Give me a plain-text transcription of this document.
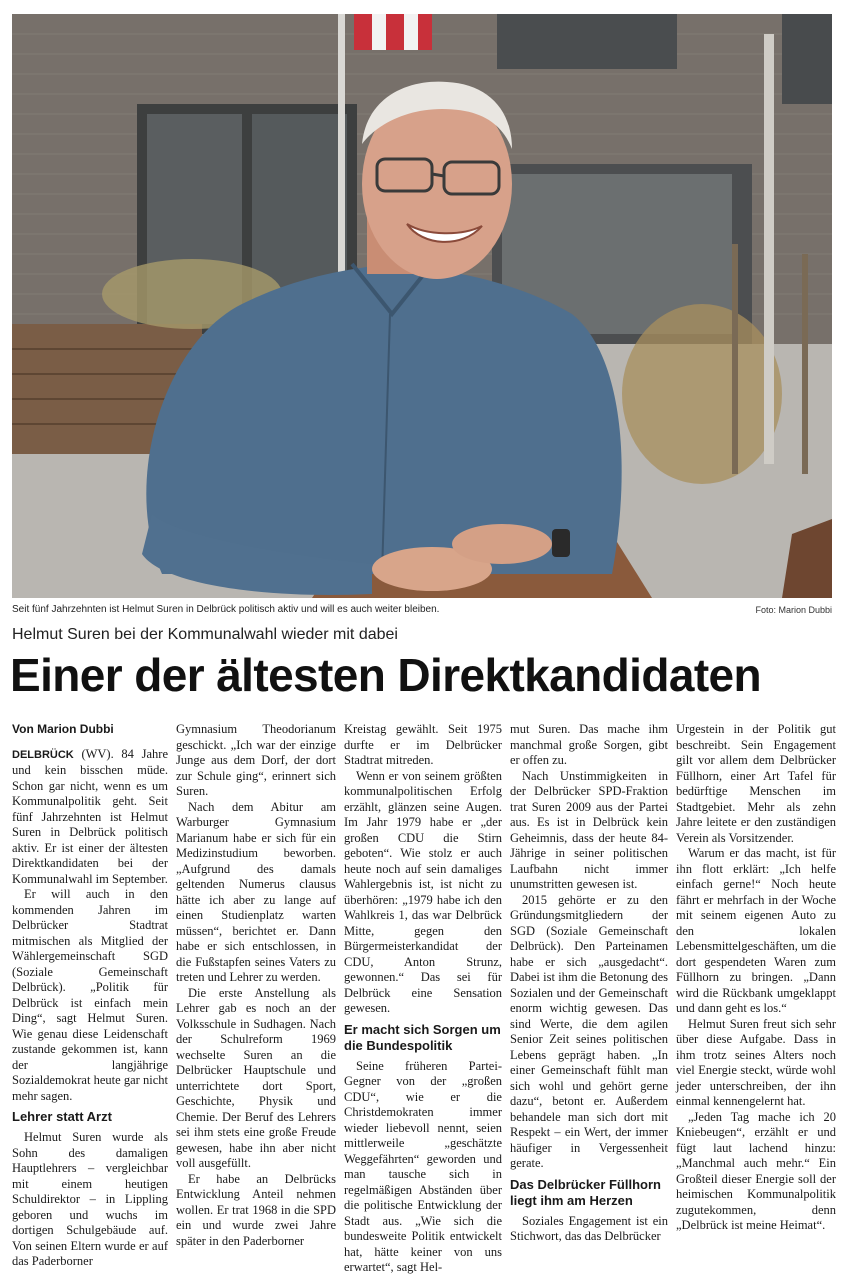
Seit fünf Jahrzehnten ist Helmut Suren in Delbrück politisch aktiv und will es auch weiter bleiben.	Foto: Marion Dubbi
Helmut Suren bei der Kommunalwahl wieder mit dabei
Einer der ältesten Direktkandidaten

Von Marion Dubbi

DELBRÜCK (WV). 84 Jahre und kein bisschen müde. Schon gar nicht, wenn es um Kommunalpolitik geht. Seit fünf Jahrzehnten ist Helmut Suren in Delbrück politisch aktiv. Er ist einer der ältesten Direktkandidaten bei der Kommunalwahl im September.

Er will auch in den kommenden Jahren im Delbrücker Stadtrat mitmischen als Mitglied der Wählergemeinschaft SGD (Soziale Gemeinschaft Delbrück). „Politik für Delbrück ist einfach mein Ding“, sagt Helmut Suren. Wie genau diese Leidenschaft zustande gekommen ist, kann der langjährige Sozialdemokrat heute gar nicht mehr sagen.

Lehrer statt Arzt

Helmut Suren wurde als Sohn des damaligen Hauptlehrers – vergleichbar mit einem heutigen Schuldirektor – in Lippling geboren und wuchs im dortigen Schulgebäude auf. Von seinen Eltern wurde er auf das Paderborner

Gymnasium Theodorianum geschickt. „Ich war der einzige Junge aus dem Dorf, der dort zur Schule ging“, erinnert sich Suren.

Nach dem Abitur am Warburger Gymnasium Marianum habe er sich für ein Medizinstudium beworben. „Aufgrund des damals geltenden Numerus clausus hätte ich aber zu lange auf einen Studienplatz warten müssen“, berichtet er. Dann habe er sich entschlossen, in die Fußstapfen seines Vaters zu treten und Lehrer zu werden.

Die erste Anstellung als Lehrer gab es noch an der Volksschule in Sudhagen. Nach der Schulreform 1969 wechselte Suren an die Delbrücker Hauptschule und unterrichtete dort Sport, Geschichte, Physik und Chemie. Der Beruf des Lehrers sei ihm stets eine große Freude gewesen, habe ihn aber nicht voll ausgefüllt.

Er habe an Delbrücks Entwicklung Anteil nehmen wollen. Er trat 1968 in die SPD ein und wurde zwei Jahre später in den Paderborner

Kreistag gewählt. Seit 1975 durfte er im Delbrücker Stadtrat mitreden.

Wenn er von seinem größten kommunalpolitischen Erfolg erzählt, glänzen seine Augen. Im Jahr 1979 habe er „der großen CDU die Stirn geboten“. Wie stolz er auch heute noch auf sein damaliges Wahlergebnis ist, ist nicht zu überhören: „1979 habe ich den Wahlkreis 1, das war Delbrück Mitte, gegen den Bürgermeisterkandidat der CDU, Anton Strunz, gewonnen.“ Das sei für Delbrück eine Sensation gewesen.

Er macht sich Sorgen um die Bundespolitik

Seine früheren Partei-Gegner von der „großen CDU“, wie er die Christdemokraten immer wieder liebevoll nennt, seien mittlerweile „geschätzte Weggefährten“ geworden und man tausche sich in regelmäßigen Abständen über die politische Entwicklung der Stadt aus. „Wie sich die bundesweite Politik entwickelt hat, hätte keiner von uns erwartet“, sagt Hel-

mut Suren. Das mache ihm manchmal große Sorgen, gibt er offen zu.

Nach Unstimmigkeiten in der Delbrücker SPD-Fraktion trat Suren 2009 aus der Partei aus. Es ist in Delbrück kein Geheimnis, dass der heute 84-Jährige in seiner politischen Laufbahn nicht immer unumstritten gewesen ist.

2015 gehörte er zu den Gründungsmitgliedern der SGD (Soziale Gemeinschaft Delbrück). Den Parteinamen habe er sich „ausgedacht“. Dabei ist ihm die Betonung des Sozialen und der Gemeinschaft enorm wichtig gewesen. Das sind Werte, die dem agilen Senior Zeit seines politischen Lebens geprägt haben. „In einer Gemeinschaft fühlt man sich wohl und gehört gerne dazu“, betont er. Außerdem behandele man sich dort mit Respekt – ein Wert, der immer häufiger in Vergessenheit gerate.

Das Delbrücker Füllhorn liegt ihm am Herzen

Soziales Engagement ist ein Stichwort, das das Delbrücker

Urgestein in der Politik gut beschreibt. Sein Engagement gilt vor allem dem Delbrücker Füllhorn, einer Art Tafel für bedürftige Menschen im Stadtgebiet. Mehr als zehn Jahre leitete er den zuständigen Verein als Vorsitzender.

Warum er das macht, ist für ihn flott erklärt: „Ich helfe einfach gerne!“ Noch heute fährt er mehrfach in der Woche mit seinem eigenen Auto zu den lokalen Lebensmittelgeschäften, um die dort gespendeten Waren zum Füllhorn zu bringen. „Dann wird die Rückbank umgeklappt und dann geht es los.“

Helmut Suren freut sich sehr über diese Aufgabe. Dass in ihm trotz seines Alters noch viel Energie steckt, würde wohl jeder unterschreiben, der ihn einmal kennengelernt hat.

„Jeden Tag mache ich 20 Kniebeugen“, erzählt er und fügt laut lachend hinzu: „Manchmal auch mehr.“ Ein Großteil dieser Energie soll der heimischen Kommunalpolitik zugutekommen, denn „Delbrück ist meine Heimat“.
